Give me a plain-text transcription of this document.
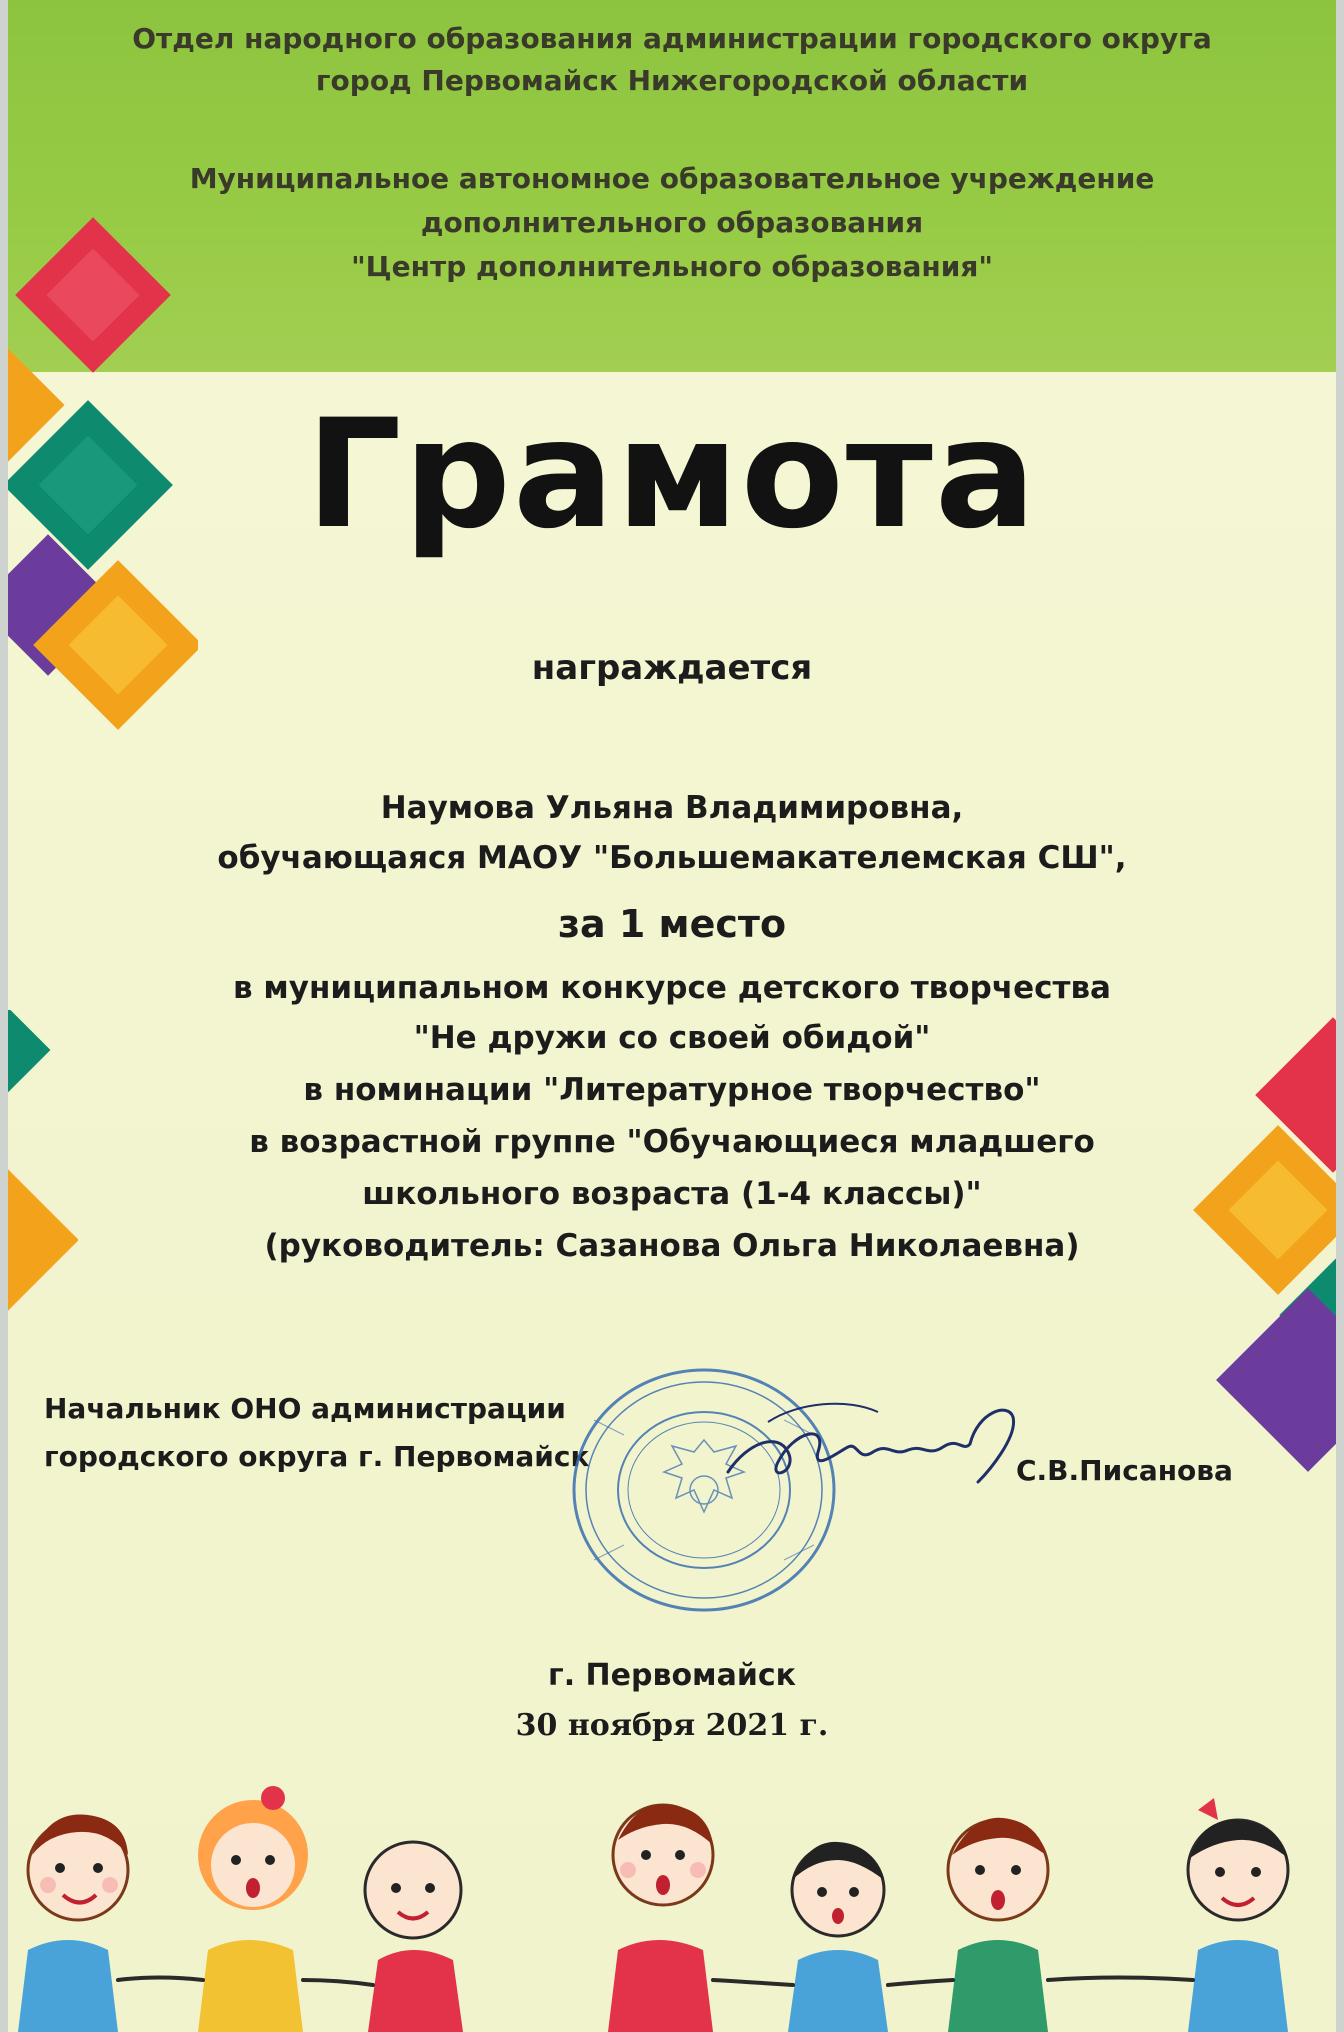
Отдел народного образования администрации городского округа
город Первомайск Нижегородской области
Муниципальное автономное образовательное учреждение
дополнительного образования
"Центр дополнительного образования"
Грамота
награждается
Наумова Ульяна Владимировна,
обучающаяся МАОУ "Большемакателемская СШ",
за 1 место
в муниципальном конкурсе детского творчества
"Не дружи со своей обидой"
в номинации "Литературное творчество"
в возрастной группе "Обучающиеся младшего
школьного возраста (1-4 классы)"
(руководитель: Сазанова Ольга Николаевна)
Начальник ОНО администрации
городского округа г. Первомайск	С.В.Писанова
г. Первомайск
30 ноября 2021 г.
